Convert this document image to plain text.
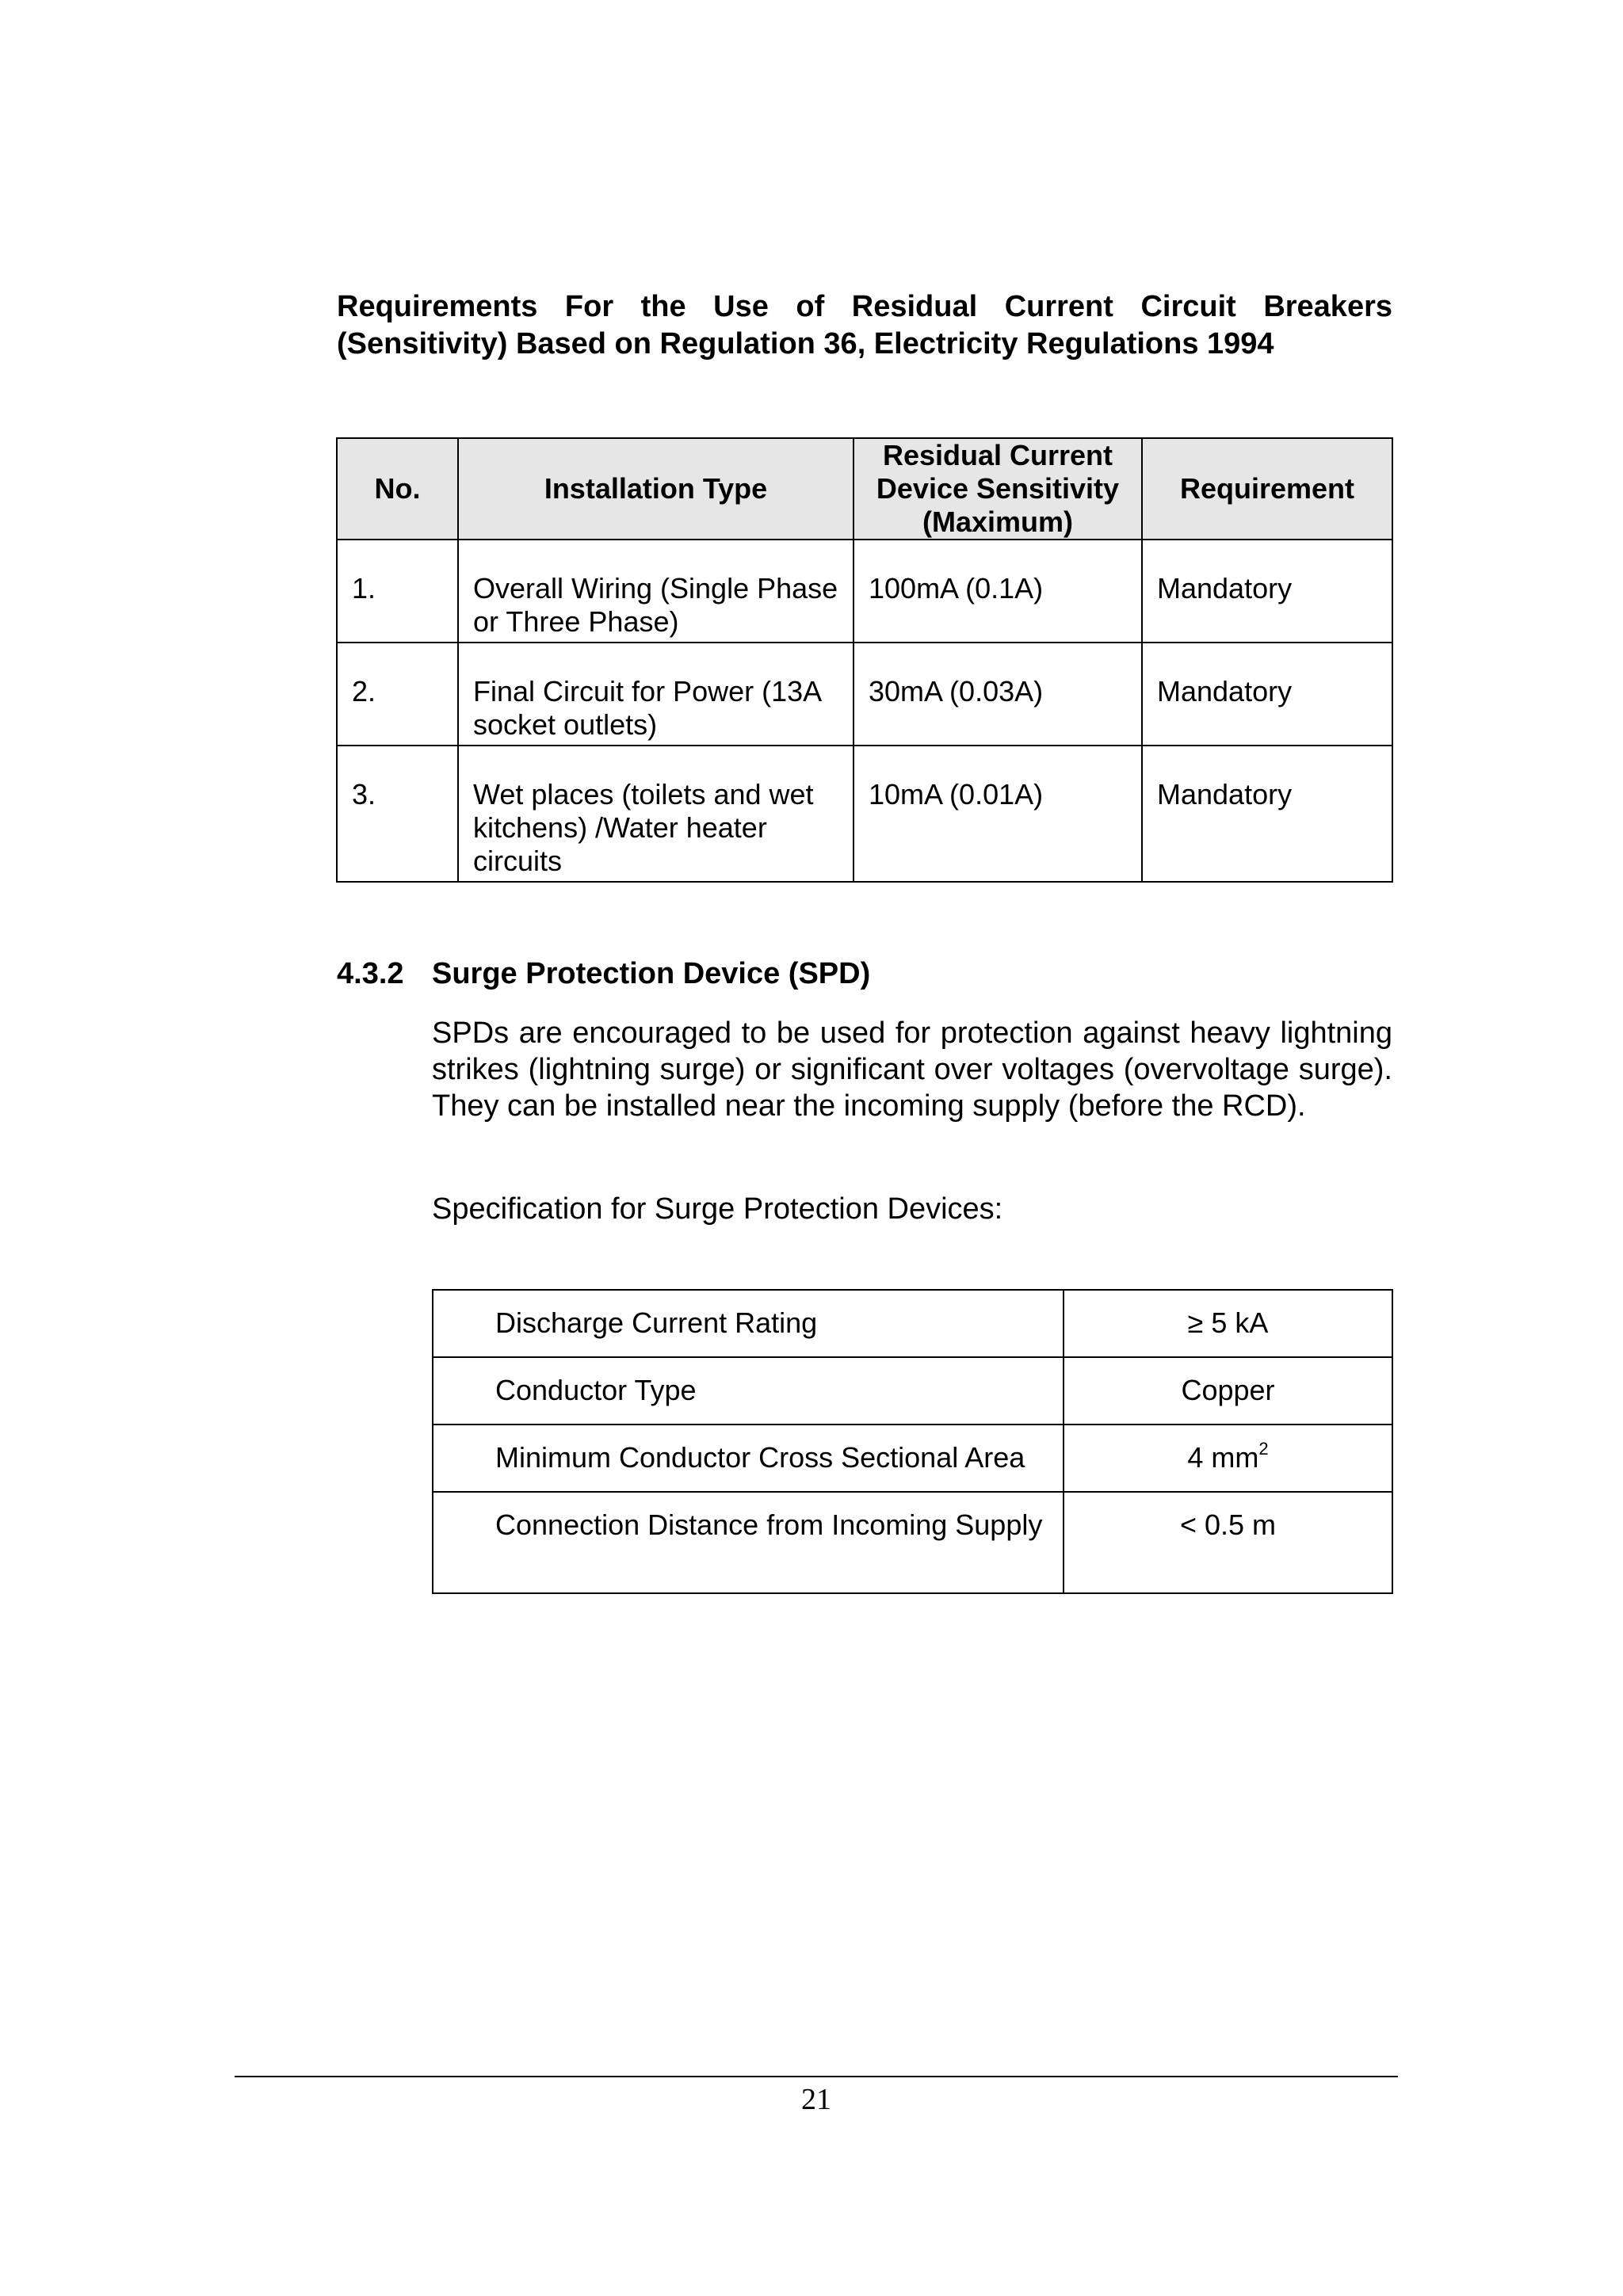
Requirements For the Use of Residual Current Circuit Breakers (Sensitivity) Based on Regulation 36, Electricity Regulations 1994

No.	Installation Type	Residual Current Device Sensitivity (Maximum)	Requirement
1.	Overall Wiring (Single Phase or Three Phase)	100mA (0.1A)	Mandatory
2.	Final Circuit for Power (13A socket outlets)	30mA (0.03A)	Mandatory
3.	Wet places (toilets and wet kitchens) /Water heater circuits	10mA (0.01A)	Mandatory
4.3.2 Surge Protection Device (SPD)

SPDs are encouraged to be used for protection against heavy lightning strikes (lightning surge) or significant over voltages (overvoltage surge). They can be installed near the incoming supply (before the RCD).

Specification for Surge Protection Devices:

Discharge Current Rating	≥ 5 kA
Conductor Type	Copper
Minimum Conductor Cross Sectional Area	4 $mm^2$
Connection Distance from Incoming Supply	< 0.5 m
21
